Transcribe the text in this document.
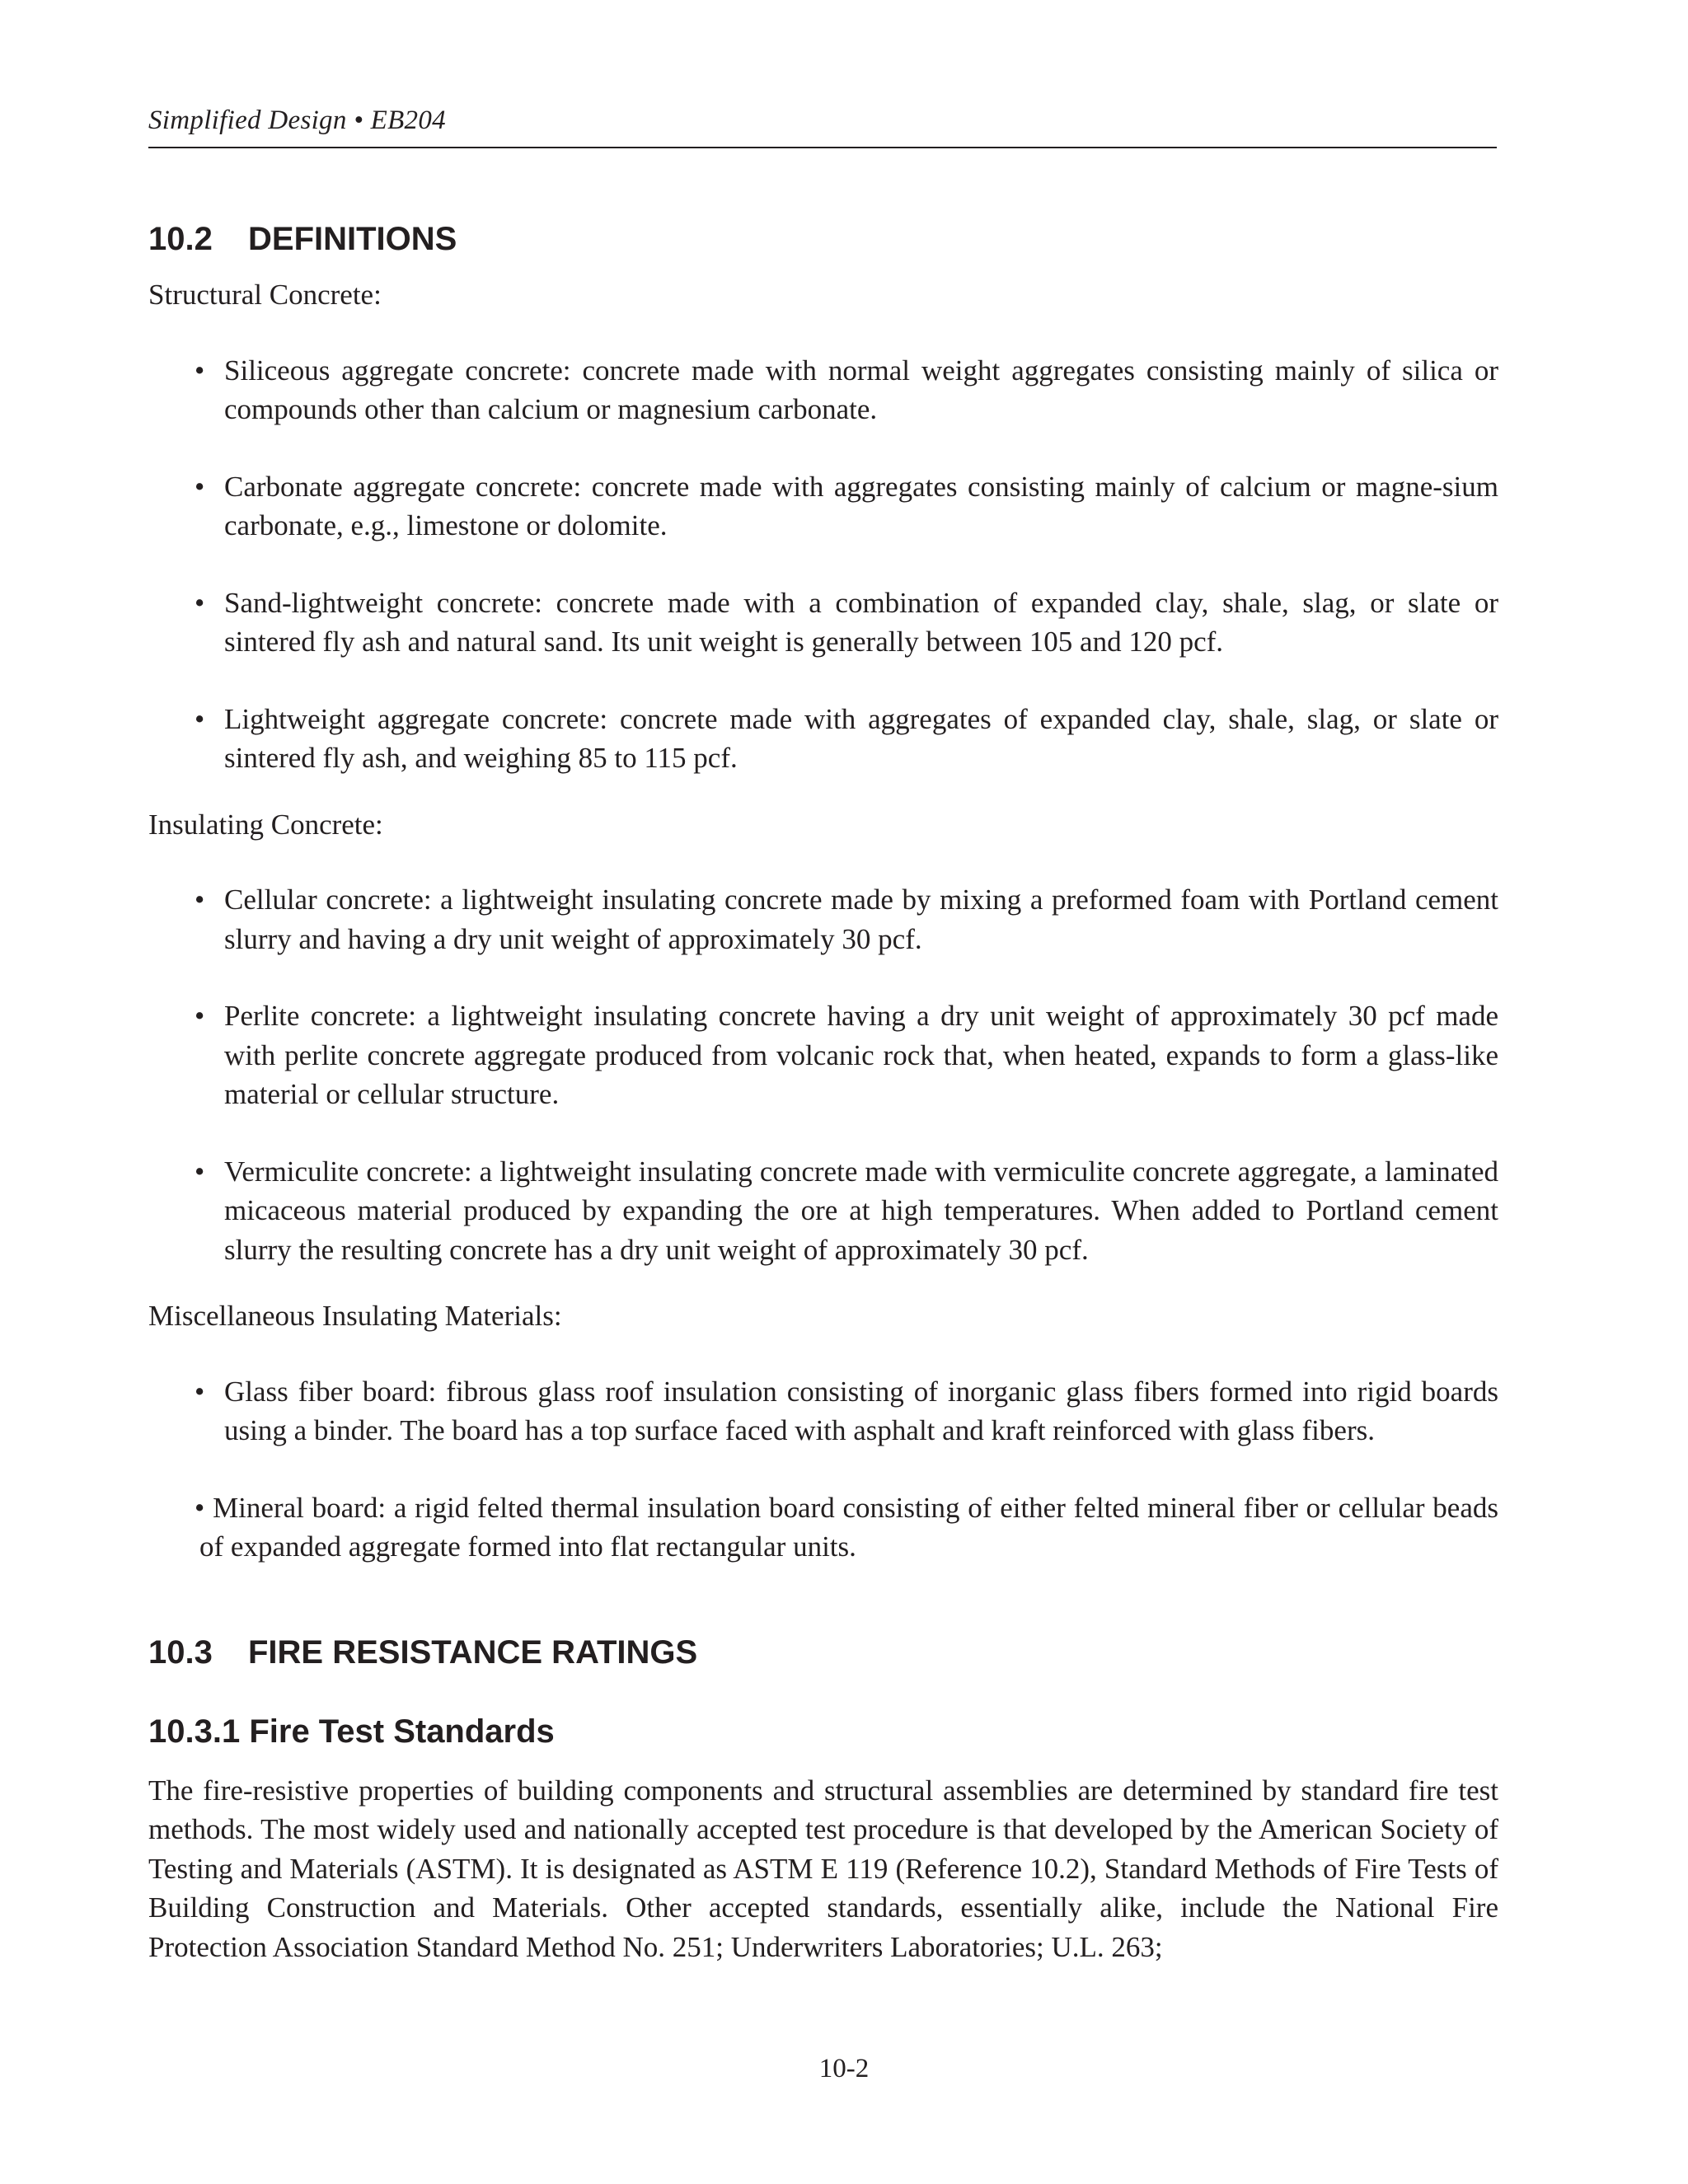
Simplified Design • EB204
10.2 DEFINITIONS

Structural Concrete:

• Siliceous aggregate concrete: concrete made with normal weight aggregates consisting mainly of silica or compounds other than calcium or magnesium carbonate.

• Carbonate aggregate concrete: concrete made with aggregates consisting mainly of calcium or magne-sium carbonate, e.g., limestone or dolomite.

• Sand-lightweight concrete: concrete made with a combination of expanded clay, shale, slag, or slate or sintered fly ash and natural sand. Its unit weight is generally between 105 and 120 pcf.

• Lightweight aggregate concrete: concrete made with aggregates of expanded clay, shale, slag, or slate or sintered fly ash, and weighing 85 to 115 pcf.

Insulating Concrete:

• Cellular concrete: a lightweight insulating concrete made by mixing a preformed foam with Portland cement slurry and having a dry unit weight of approximately 30 pcf.

• Perlite concrete: a lightweight insulating concrete having a dry unit weight of approximately 30 pcf made with perlite concrete aggregate produced from volcanic rock that, when heated, expands to form a glass-like material or cellular structure.

• Vermiculite concrete: a lightweight insulating concrete made with vermiculite concrete aggregate, a laminated micaceous material produced by expanding the ore at high temperatures. When added to Portland cement slurry the resulting concrete has a dry unit weight of approximately 30 pcf.

Miscellaneous Insulating Materials:

• Glass fiber board: fibrous glass roof insulation consisting of inorganic glass fibers formed into rigid boards using a binder. The board has a top surface faced with asphalt and kraft reinforced with glass fibers.

• Mineral board: a rigid felted thermal insulation board consisting of either felted mineral fiber or cellular beads of expanded aggregate formed into flat rectangular units.

10.3 FIRE RESISTANCE RATINGS
10.3.1 Fire Test Standards

The fire-resistive properties of building components and structural assemblies are determined by standard fire test methods. The most widely used and nationally accepted test procedure is that developed by the American Society of Testing and Materials (ASTM). It is designated as ASTM E 119 (Reference 10.2), Standard Methods of Fire Tests of Building Construction and Materials. Other accepted standards, essentially alike, include the National Fire Protection Association Standard Method No. 251; Underwriters Laboratories; U.L. 263;

10-2
